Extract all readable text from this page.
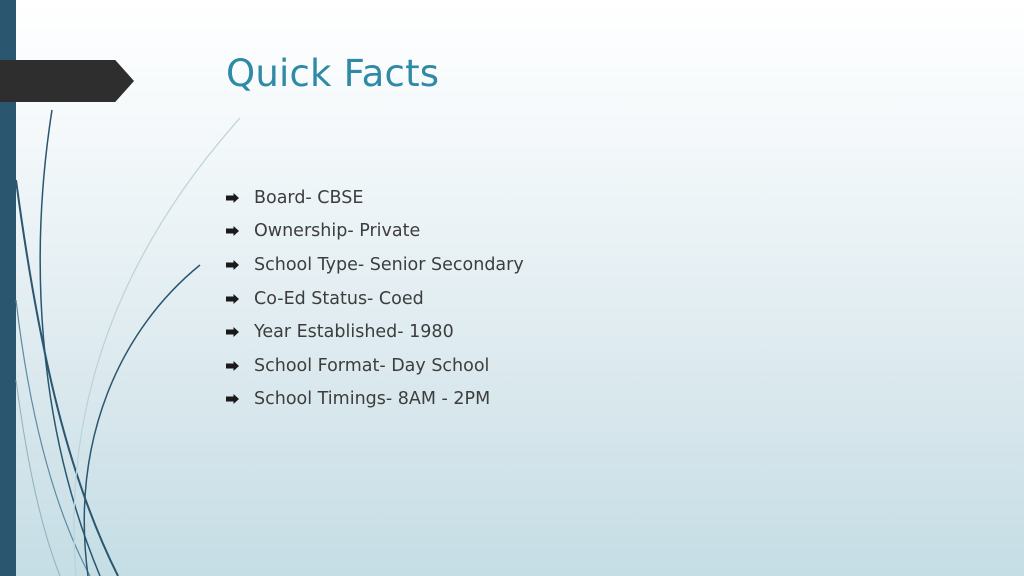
Quick Facts
Board- CBSE
Ownership- Private
School Type- Senior Secondary
Co-Ed Status- Coed
Year Established- 1980
School Format- Day School
School Timings- 8AM - 2PM
